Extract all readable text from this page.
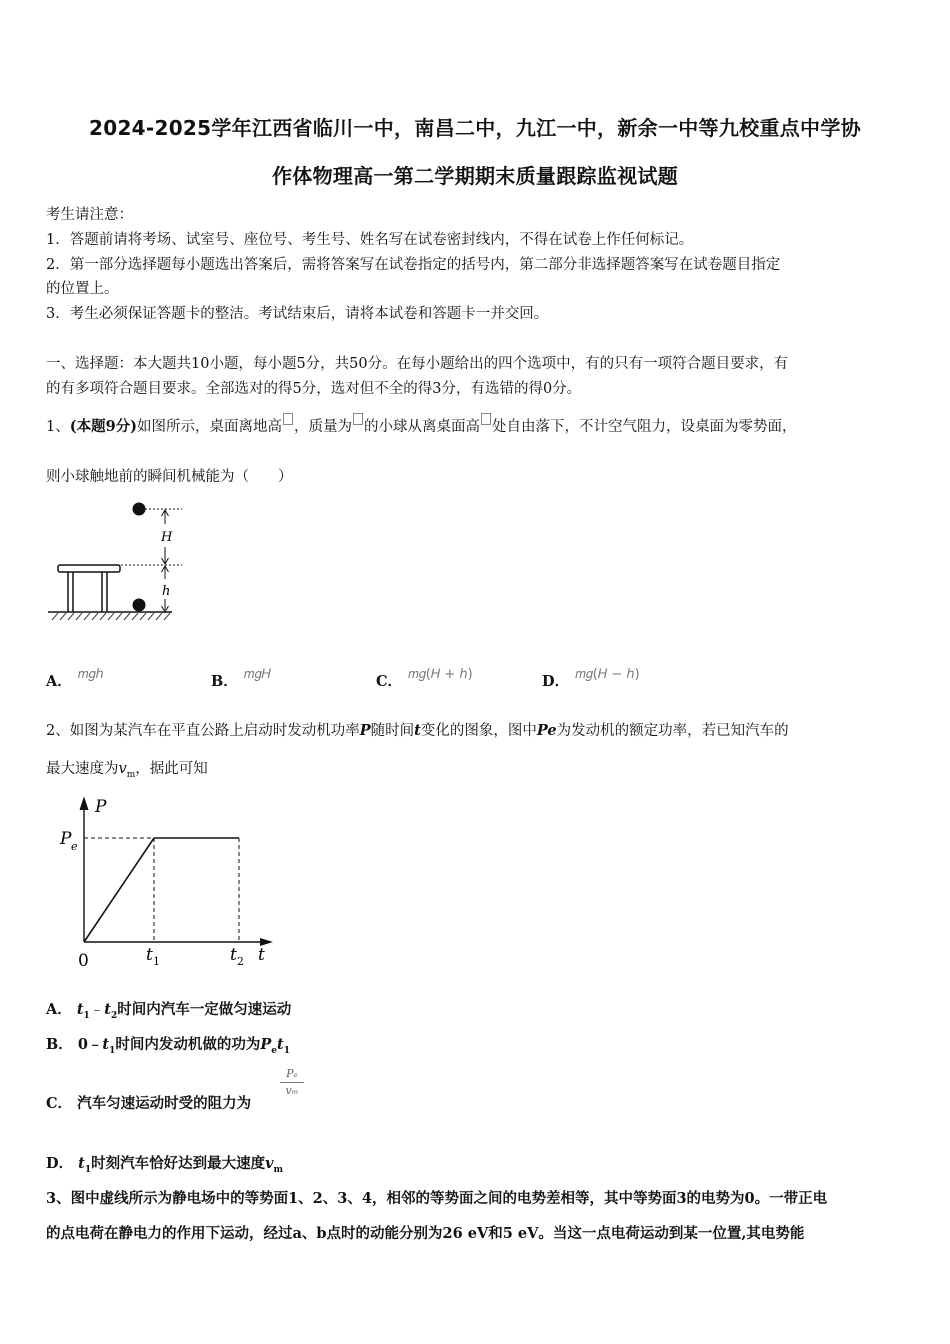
2024-2025学年江西省临川一中，南昌二中，九江一中，新余一中等九校重点中学协
作体物理高一第二学期期末质量跟踪监视试题
考生请注意：
1．答题前请将考场、试室号、座位号、考生号、姓名写在试卷密封线内，不得在试卷上作任何标记。
2．第一部分选择题每小题选出答案后，需将答案写在试卷指定的括号内，第二部分非选择题答案写在试卷题目指定
的位置上。
3．考生必须保证答题卡的整洁。考试结束后，请将本试卷和答题卡一并交回。
一、选择题：本大题共10小题，每小题5分，共50分。在每小题给出的四个选项中，有的只有一项符合题目要求，有
的有多项符合题目要求。全部选对的得5分，选对但不全的得3分，有选错的得0分。
1、(本题9分)如图所示，桌面离地高 ，质量为 的小球从离桌面高 处自由落下，不计空气阻力，设桌面为零势面，
则小球触地前的瞬间机械能为（　　）
H
h
A． 𝑚𝑔ℎ	B． 𝑚𝑔𝐻	C． 𝑚𝑔(𝐻 + ℎ)	D． 𝑚𝑔(𝐻 − ℎ)
2、如图为某汽车在平直公路上启动时发动机功率P随时间t变化的图象，图中Pe为发动机的额定功率，若已知汽车的
最大速度为$v_m$，据此可知
P
P e
0	t 1	t 2 t
A． $t_1﹣t_2$时间内汽车一定做匀速运动
B． $0﹣t_1$时间内发动机做的功为$P_et_1$
C． 汽车匀速运动时受的阻力为
$\frac{\text{Pₑ}}{\text{vₘ}}$
D． $t_1$时刻汽车恰好达到最大速度$v_m$
3、图中虚线所示为静电场中的等势面1、2、3、4，相邻的等势面之间的电势差相等，其中等势面3的电势为0。一带正电
的点电荷在静电力的作用下运动，经过a、b点时的动能分别为26 eV和5 eV。当这一点电荷运动到某一位置,其电势能
